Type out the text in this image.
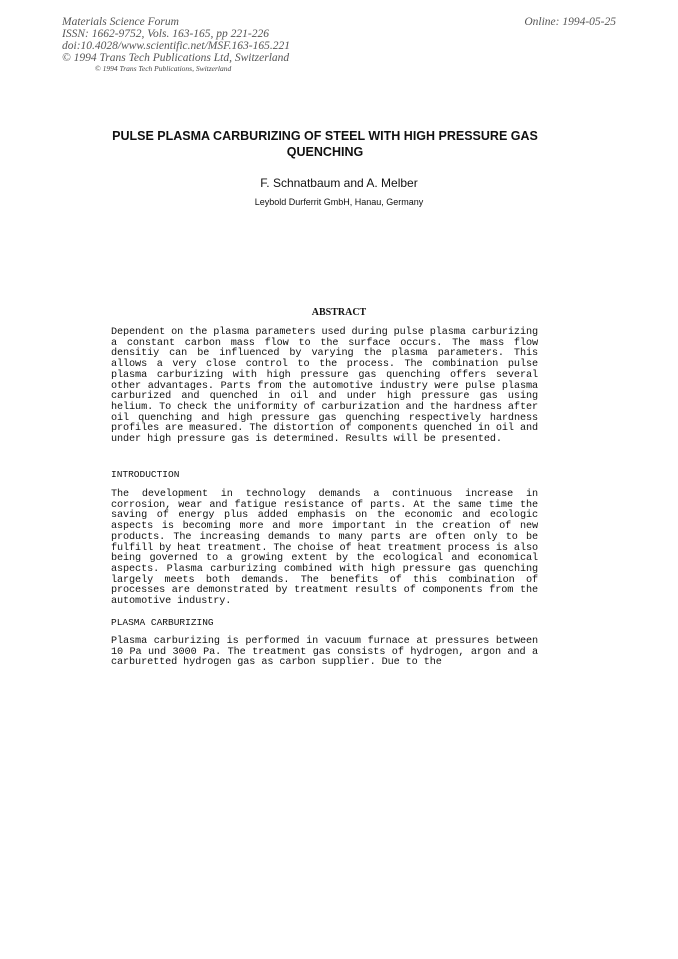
Materials Science Forum
ISSN: 1662-9752, Vols. 163-165, pp 221-226
doi:10.4028/www.scientific.net/MSF.163-165.221
© 1994 Trans Tech Publications Ltd, Switzerland
Online: 1994-05-25
© 1994 Trans Tech Publications, Switzerland
PULSE PLASMA CARBURIZING OF STEEL WITH HIGH PRESSURE GAS QUENCHING
F. Schnatbaum and A. Melber
Leybold Durferrit GmbH, Hanau, Germany
ABSTRACT
Dependent on the plasma parameters used during pulse plasma carburizing a constant carbon mass flow to the surface occurs. The mass flow densitiy can be influenced by varying the plasma parameters. This allows a very close control to the process. The combination pulse plasma carburizing with high pressure gas quenching offers several other advantages. Parts from the automotive industry were pulse plasma carburized and quenched in oil and under high pressure gas using helium. To check the uniformity of carburization and the hardness after oil quenching and high pressure gas quenching respectively hardness profiles are measured. The distortion of components quenched in oil and under high pressure gas is determined. Results will be presented.
INTRODUCTION
The development in technology demands a continuous increase in corrosion, wear and fatigue resistance of parts. At the same time the saving of energy plus added emphasis on the economic and ecologic aspects is becoming more and more important in the creation of new products. The increasing demands to many parts are often only to be fulfill by heat treatment. The choise of heat treatment process is also being governed to a growing extent by the ecological and economical aspects. Plasma carburizing combined with high pressure gas quenching largely meets both demands. The benefits of this combination of processes are demonstrated by treatment results of components from the automotive industry.
PLASMA CARBURIZING
Plasma carburizing is performed in vacuum furnace at pressures between 10 Pa und 3000 Pa. The treatment gas consists of hydrogen, argon and a carburetted hydrogen gas as carbon supplier. Due to the
